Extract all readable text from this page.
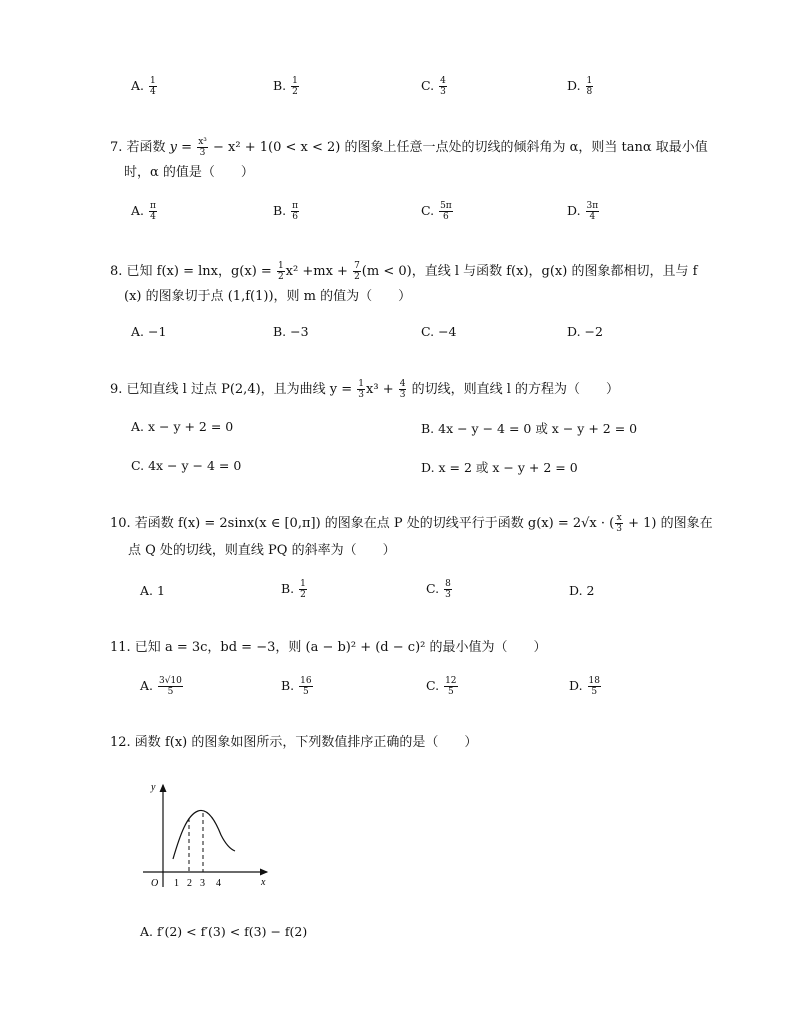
A. $\frac{1}{4}$	B. $\frac{1}{2}$	C. $\frac{4}{3}$	D. $\frac{1}{8}$
7. 若函数 $y = \frac{\text{x³}}{3} - x^2 + 1(0 < x < 2)$ 的图象上任意一点处的切线的倾斜角为 α，则当 tanα 取最小值
时，α 的值是（　　）
A. $\frac{\pi}{4}$	B. $\frac{\pi}{6}$	C. $\frac{5\pi}{6}$	D. $\frac{3\pi}{4}$
8. 已知 f(x) = lnx，$g(x) = \frac{1}{2} x^2 +mx + \frac{7}{2} (m < 0)$，直线 l 与函数 f(x)，g(x) 的图象都相切，且与 f
(x) 的图象切于点 (1,f(1))，则 m 的值为（　　）
A. −1	B. −3	C. −4	D. −2
9. 已知直线 l 过点 P(2,4)，且为曲线 $y = \frac{1}{3} x^3 + \frac{4}{3}$ 的切线，则直线 l 的方程为（　　）
A. x − y + 2 = 0	B. 4x − y − 4 = 0 或 x − y + 2 = 0
C. 4x − y − 4 = 0	D. x = 2 或 x − y + 2 = 0
10. 若函数 f(x) = 2sinx(x ∈ [0,π]) 的图象在点 P 处的切线平行于函数 g(x) = 2√x · ( $\frac{x}{3} + 1$) 的图象在
点 Q 处的切线，则直线 PQ 的斜率为（　　）
A. 1	B. $\frac{1}{2}$	C. $\frac{8}{3}$	D. 2
11. 已知 a = 3c，bd = −3，则 (a − b)² + (d − c)² 的最小值为（　　）
A. $\frac{3√10}{5}$	B. $\frac{16}{5}$	C. $\frac{12}{5}$	D. $\frac{18}{5}$
12. 函数 f(x) 的图象如图所示，下列数值排序正确的是（　　）
y
x
O 1 2 3 4
A. f′(2) < f′(3) < f(3) − f(2)
